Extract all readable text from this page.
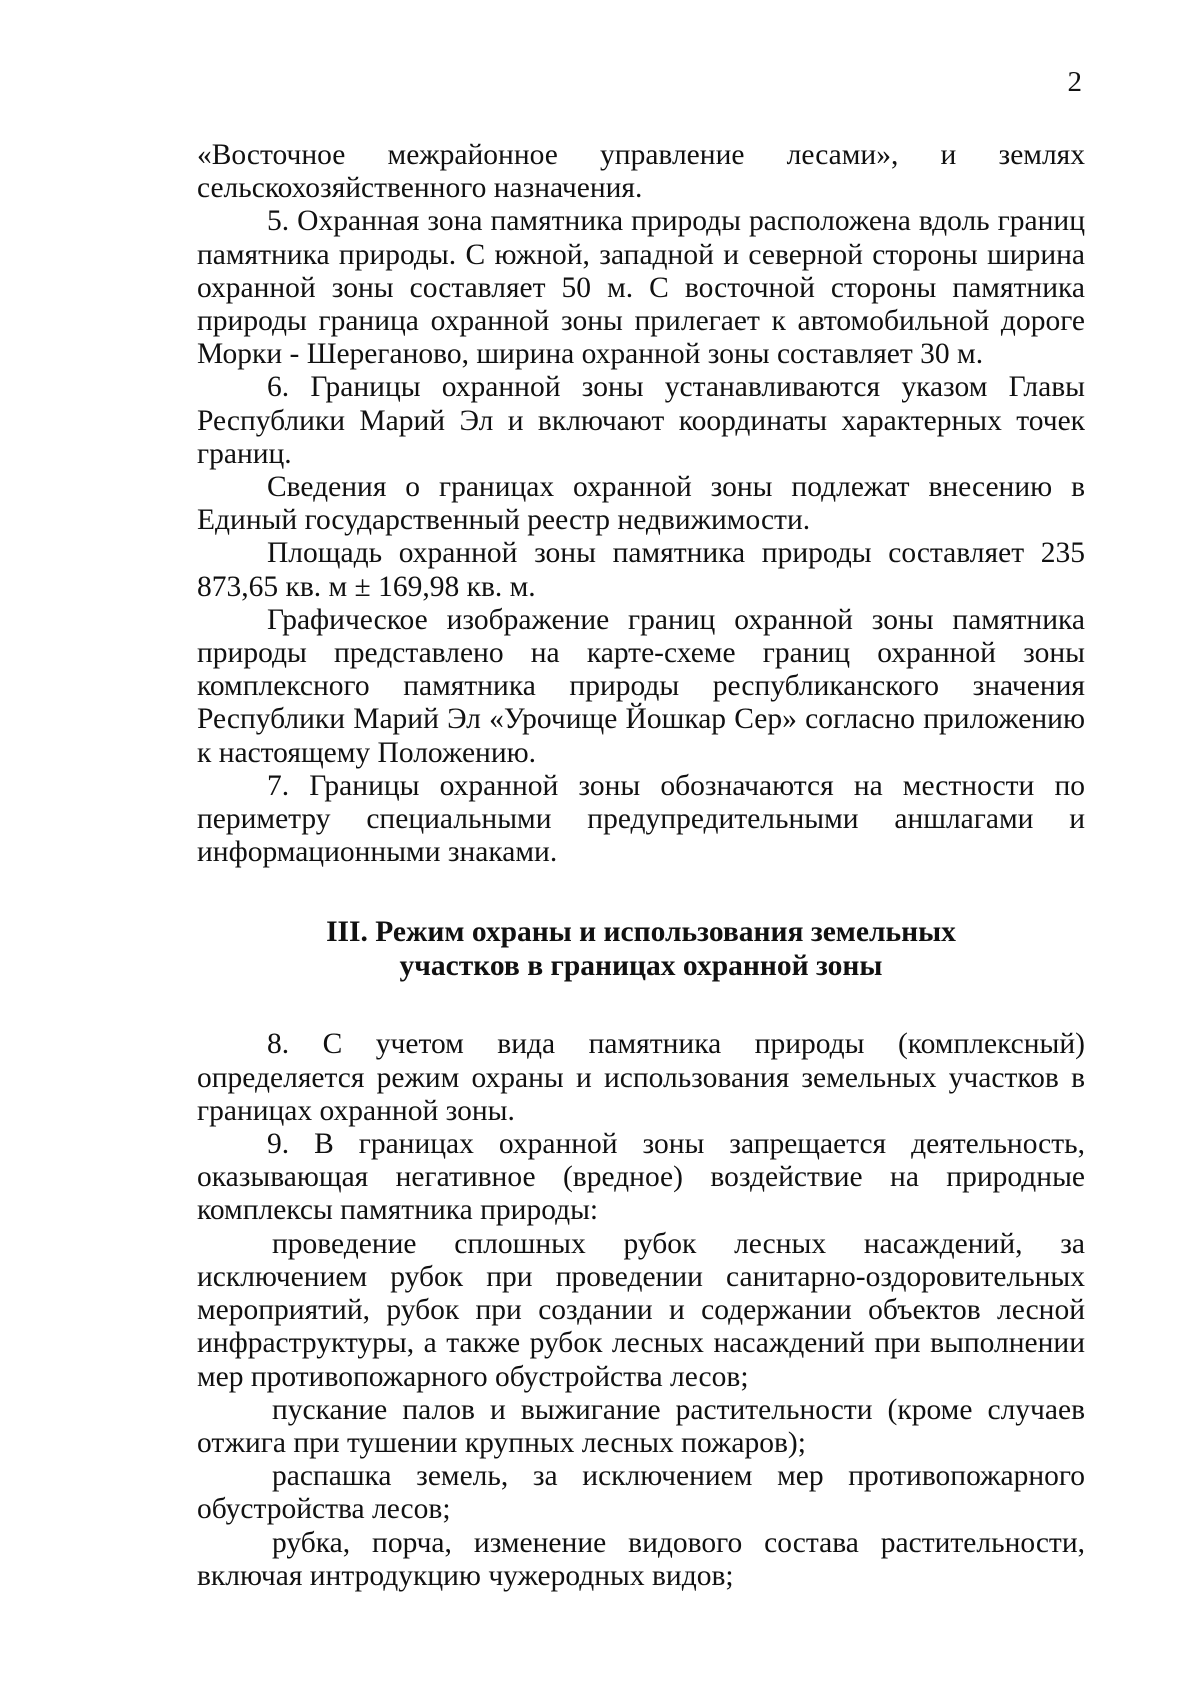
2

«Восточное межрайонное управление лесами», и землях сельскохозяйственного назначения.

5. Охранная зона памятника природы расположена вдоль границ памятника природы. С южной, западной и северной стороны ширина охранной зоны составляет 50 м. С восточной стороны памятника природы граница охранной зоны прилегает к автомобильной дороге Морки - Шереганово, ширина охранной зоны составляет 30 м.

6. Границы охранной зоны устанавливаются указом Главы Республики Марий Эл и включают координаты характерных точек границ.

Сведения о границах охранной зоны подлежат внесению в Единый государственный реестр недвижимости.

Площадь охранной зоны памятника природы составляет 235 873,65 кв. м ± 169,98 кв. м.

Графическое изображение границ охранной зоны памятника природы представлено на карте-схеме границ охранной зоны комплексного памятника природы республиканского значения Республики Марий Эл «Урочище Йошкар Сер» согласно приложению к настоящему Положению.

7. Границы охранной зоны обозначаются на местности по периметру специальными предупредительными аншлагами и информационными знаками.

III. Режим охраны и использования земельных
участков в границах охранной зоны

8. С учетом вида памятника природы (комплексный) определяется режим охраны и использования земельных участков в границах охранной зоны.

9. В границах охранной зоны запрещается деятельность, оказывающая негативное (вредное) воздействие на природные комплексы памятника природы:

проведение сплошных рубок лесных насаждений, за исключением рубок при проведении санитарно-оздоровительных мероприятий, рубок при создании и содержании объектов лесной инфраструктуры, а также рубок лесных насаждений при выполнении мер противопожарного обустройства лесов;

пускание палов и выжигание растительности (кроме случаев отжига при тушении крупных лесных пожаров);

распашка земель, за исключением мер противопожарного обустройства лесов;

рубка, порча, изменение видового состава растительности, включая интродукцию чужеродных видов;
